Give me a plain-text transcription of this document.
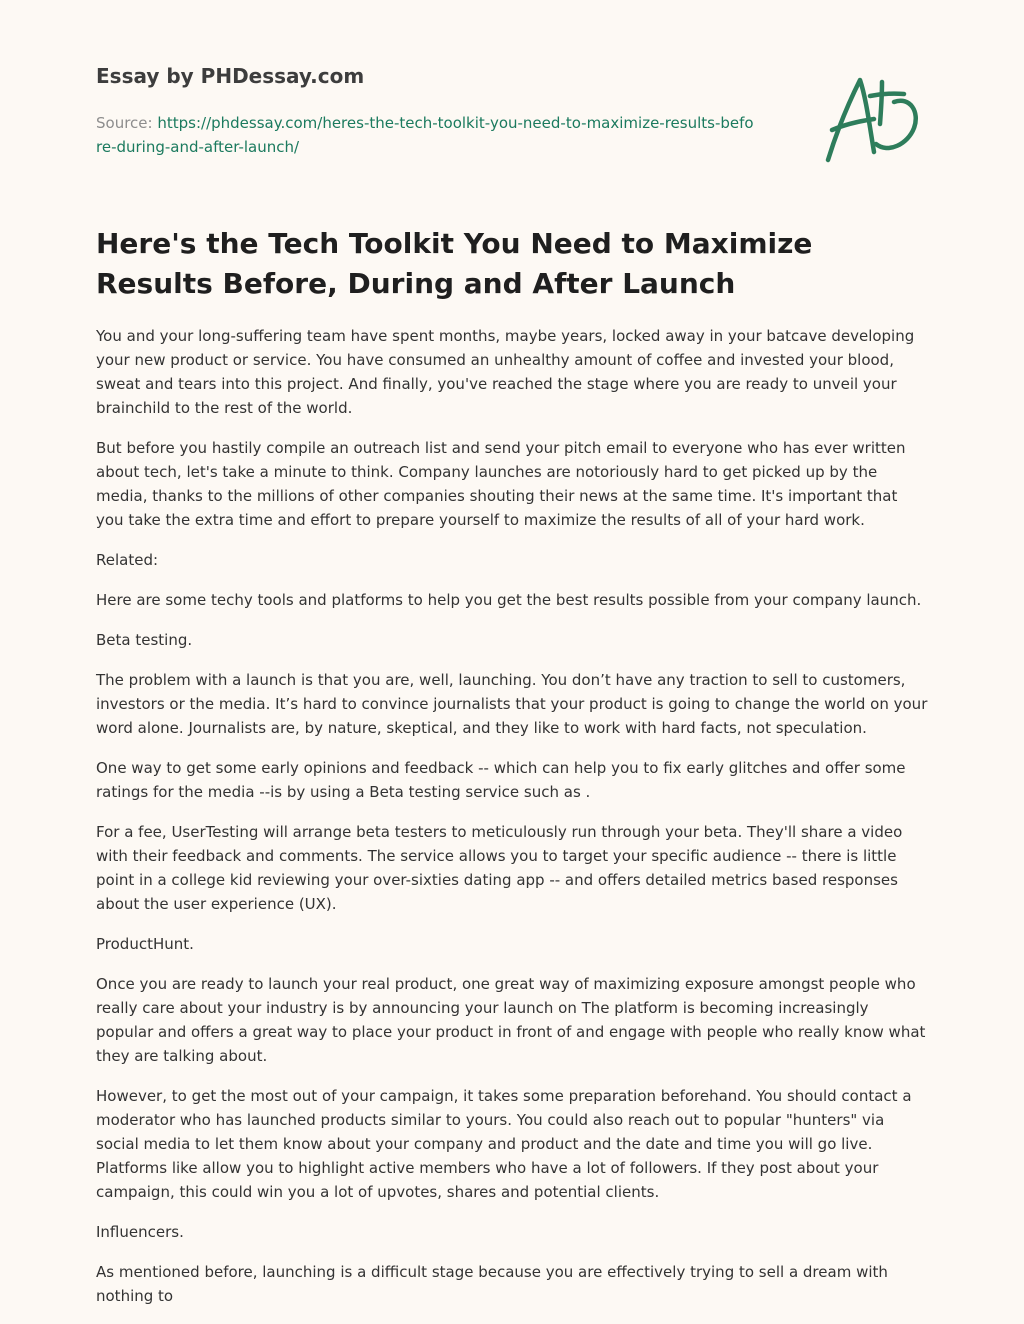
Essay by PHDessay.com
Source: https://phdessay.com/heres-the-tech-toolkit-you-need-to-maximize-results-before-during-and-after-launch/
Here's the Tech Toolkit You Need to Maximize Results Before, During and After Launch

You and your long-suffering team have spent months, maybe years, locked away in your batcave developing your new product or service. You have consumed an unhealthy amount of coffee and invested your blood, sweat and tears into this project. And finally, you've reached the stage where you are ready to unveil your brainchild to the rest of the world.

But before you hastily compile an outreach list and send your pitch email to everyone who has ever written about tech, let's take a minute to think. Company launches are notoriously hard to get picked up by the media, thanks to the millions of other companies shouting their news at the same time. It's important that you take the extra time and effort to prepare yourself to maximize the results of all of your hard work.

Related:

Here are some techy tools and platforms to help you get the best results possible from your company launch.

Beta testing.

The problem with a launch is that you are, well, launching. You don’t have any traction to sell to customers, investors or the media. It’s hard to convince journalists that your product is going to change the world on your word alone. Journalists are, by nature, skeptical, and they like to work with hard facts, not speculation.

One way to get some early opinions and feedback -- which can help you to fix early glitches and offer some ratings for the media --is by using a Beta testing service such as .

For a fee, UserTesting will arrange beta testers to meticulously run through your beta. They'll share a video with their feedback and comments. The service allows you to target your specific audience -- there is little point in a college kid reviewing your over-sixties dating app -- and offers detailed metrics based responses about the user experience (UX).

ProductHunt.

Once you are ready to launch your real product, one great way of maximizing exposure amongst people who really care about your industry is by announcing your launch on The platform is becoming increasingly popular and offers a great way to place your product in front of and engage with people who really know what they are talking about.

However, to get the most out of your campaign, it takes some preparation beforehand. You should contact a moderator who has launched products similar to yours. You could also reach out to popular "hunters" via social media to let them know about your company and product and the date and time you will go live. Platforms like allow you to highlight active members who have a lot of followers. If they post about your campaign, this could win you a lot of upvotes, shares and potential clients.

Influencers.

As mentioned before, launching is a difficult stage because you are effectively trying to sell a dream with nothing to
